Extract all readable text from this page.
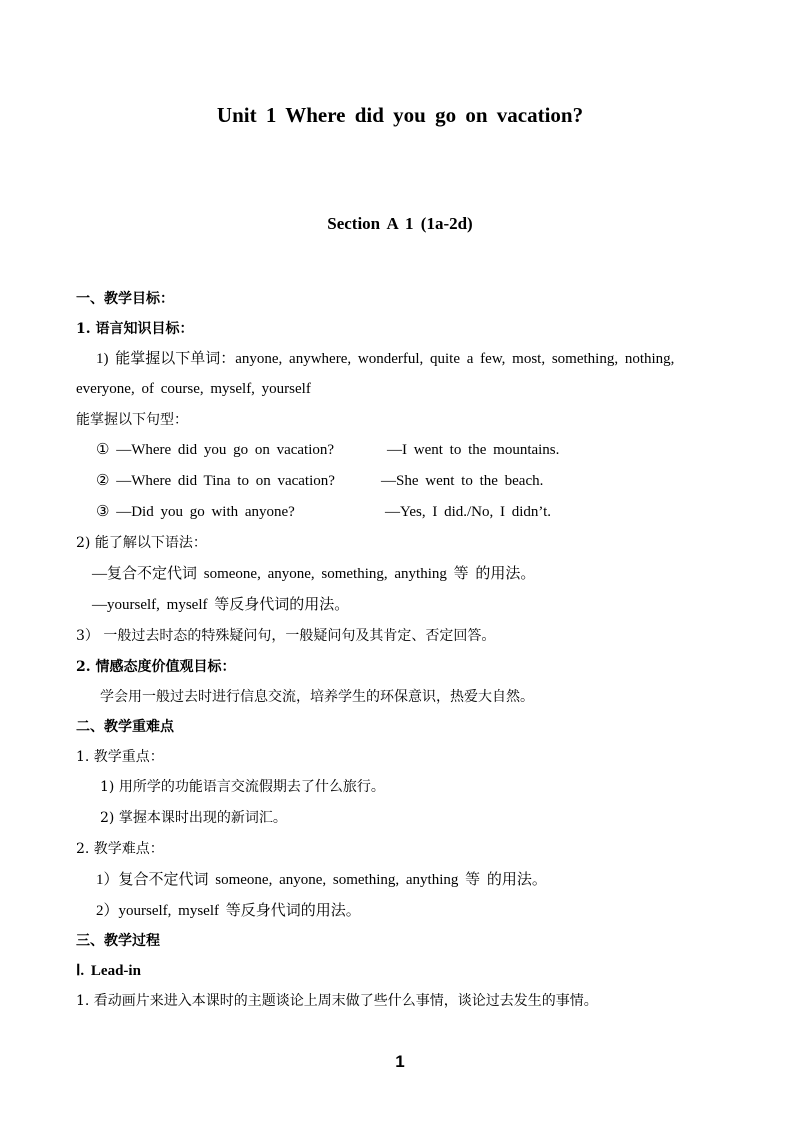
Unit 1 Where did you go on vacation?
Section A 1 (1a-2d)
一、教学目标：
1. 语言知识目标：
1) 能掌握以下单词：anyone, anywhere, wonderful, quite a few, most, something, nothing,
everyone, of course, myself, yourself
能掌握以下句型：
① —Where did you go on vacation?	—I went to the mountains.
② —Where did Tina to on vacation?	—She went to the beach.
③ —Did you go with anyone?	—Yes, I did./No, I didn’t.
2) 能了解以下语法：
—复合不定代词 someone, anyone, something, anything 等 的用法。
—yourself, myself 等反身代词的用法。
3） 一般过去时态的特殊疑问句，一般疑问句及其肯定、否定回答。
2. 情感态度价值观目标：
学会用一般过去时进行信息交流，培养学生的环保意识，热爱大自然。
二、教学重难点
1. 教学重点：
1) 用所学的功能语言交流假期去了什么旅行。
2) 掌握本课时出现的新词汇。
2. 教学难点：
1）复合不定代词 someone, anyone, something, anything 等 的用法。
2）yourself, myself 等反身代词的用法。
三、教学过程
Ⅰ. Lead-in
1. 看动画片来进入本课时的主题谈论上周末做了些什么事情，谈论过去发生的事情。
1
